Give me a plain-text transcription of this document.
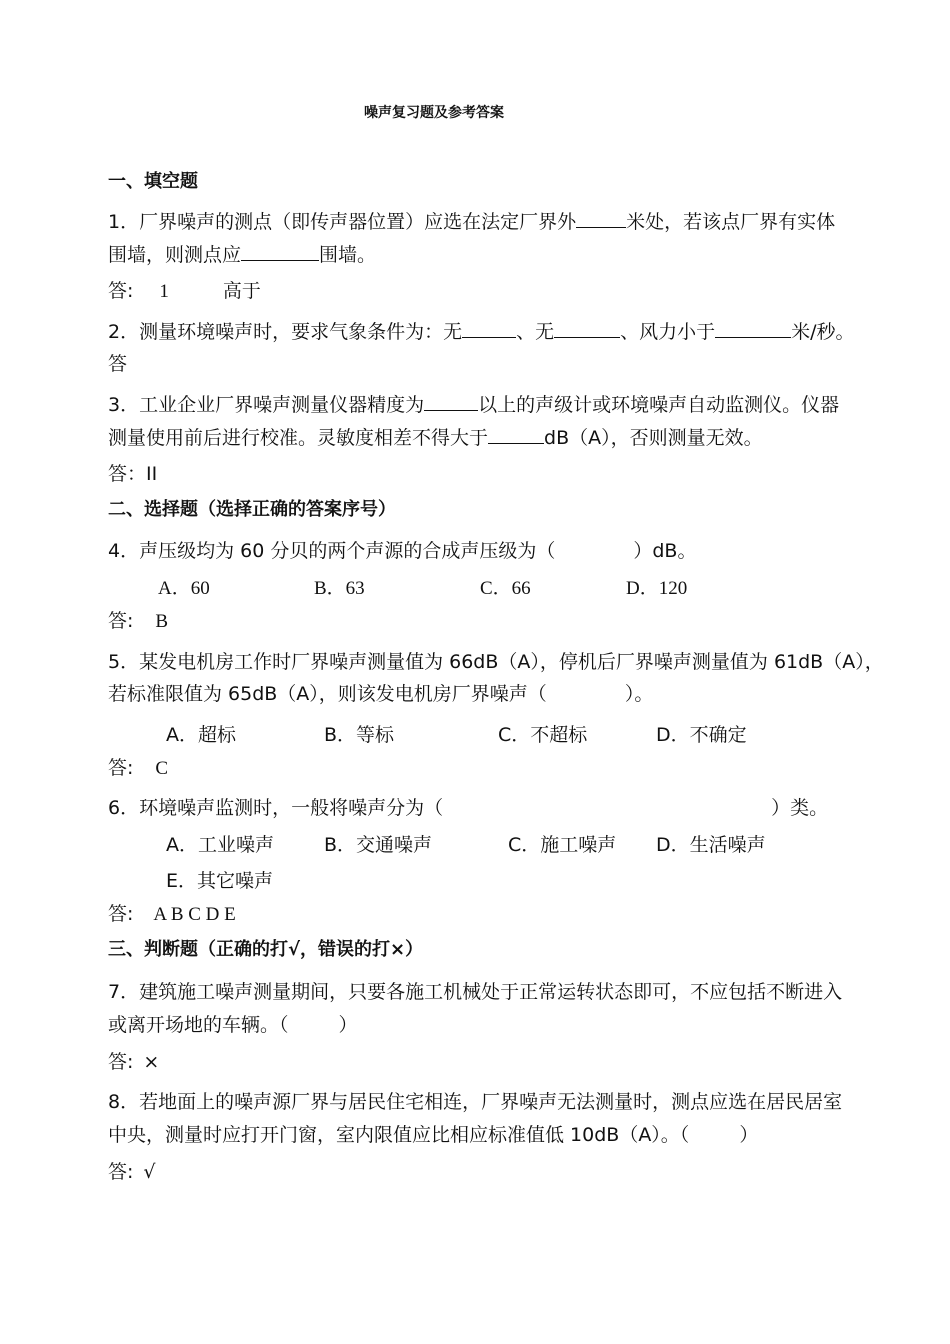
噪声复习题及参考答案
一、填空题
1．厂界噪声的测点（即传声器位置）应选在法定厂界外	米处，若该点厂界有实体
围墙，则测点应	围墙。
答: 1	高于
2．测量环境噪声时，要求气象条件为：无	、无	、风力小于	米/秒。
答
3．工业企业厂界噪声测量仪器精度为	以上的声级计或环境噪声自动监测仪。仪器
测量使用前后进行校准。灵敏度相差不得大于	dB（A），否则测量无效。
答：II
二、选择题（选择正确的答案序号）
4．声压级均为 60 分贝的两个声源的合成声压级为（	）dB。
A．60	B．63	C．66	D．120
答: B
5．某发电机房工作时厂界噪声测量值为 66dB（A），停机后厂界噪声测量值为 61dB（A），
若标准限值为 65dB（A），则该发电机房厂界噪声（	）。
A．超标	B．等标	C．不超标	D．不确定
答: C
6．环境噪声监测时，一般将噪声分为（	）类。
A．工业噪声	B．交通噪声	C．施工噪声 D．生活噪声
E．其它噪声
答: A B C D E
三、判断题（正确的打√，错误的打×）
7．建筑施工噪声测量期间，只要各施工机械处于正常运转状态即可，不应包括不断进入
或离开场地的车辆。（	）
答: ×
8．若地面上的噪声源厂界与居民住宅相连，厂界噪声无法测量时，测点应选在居民居室
中央，测量时应打开门窗，室内限值应比相应标准值低 10dB（A）。（	）
答: √
